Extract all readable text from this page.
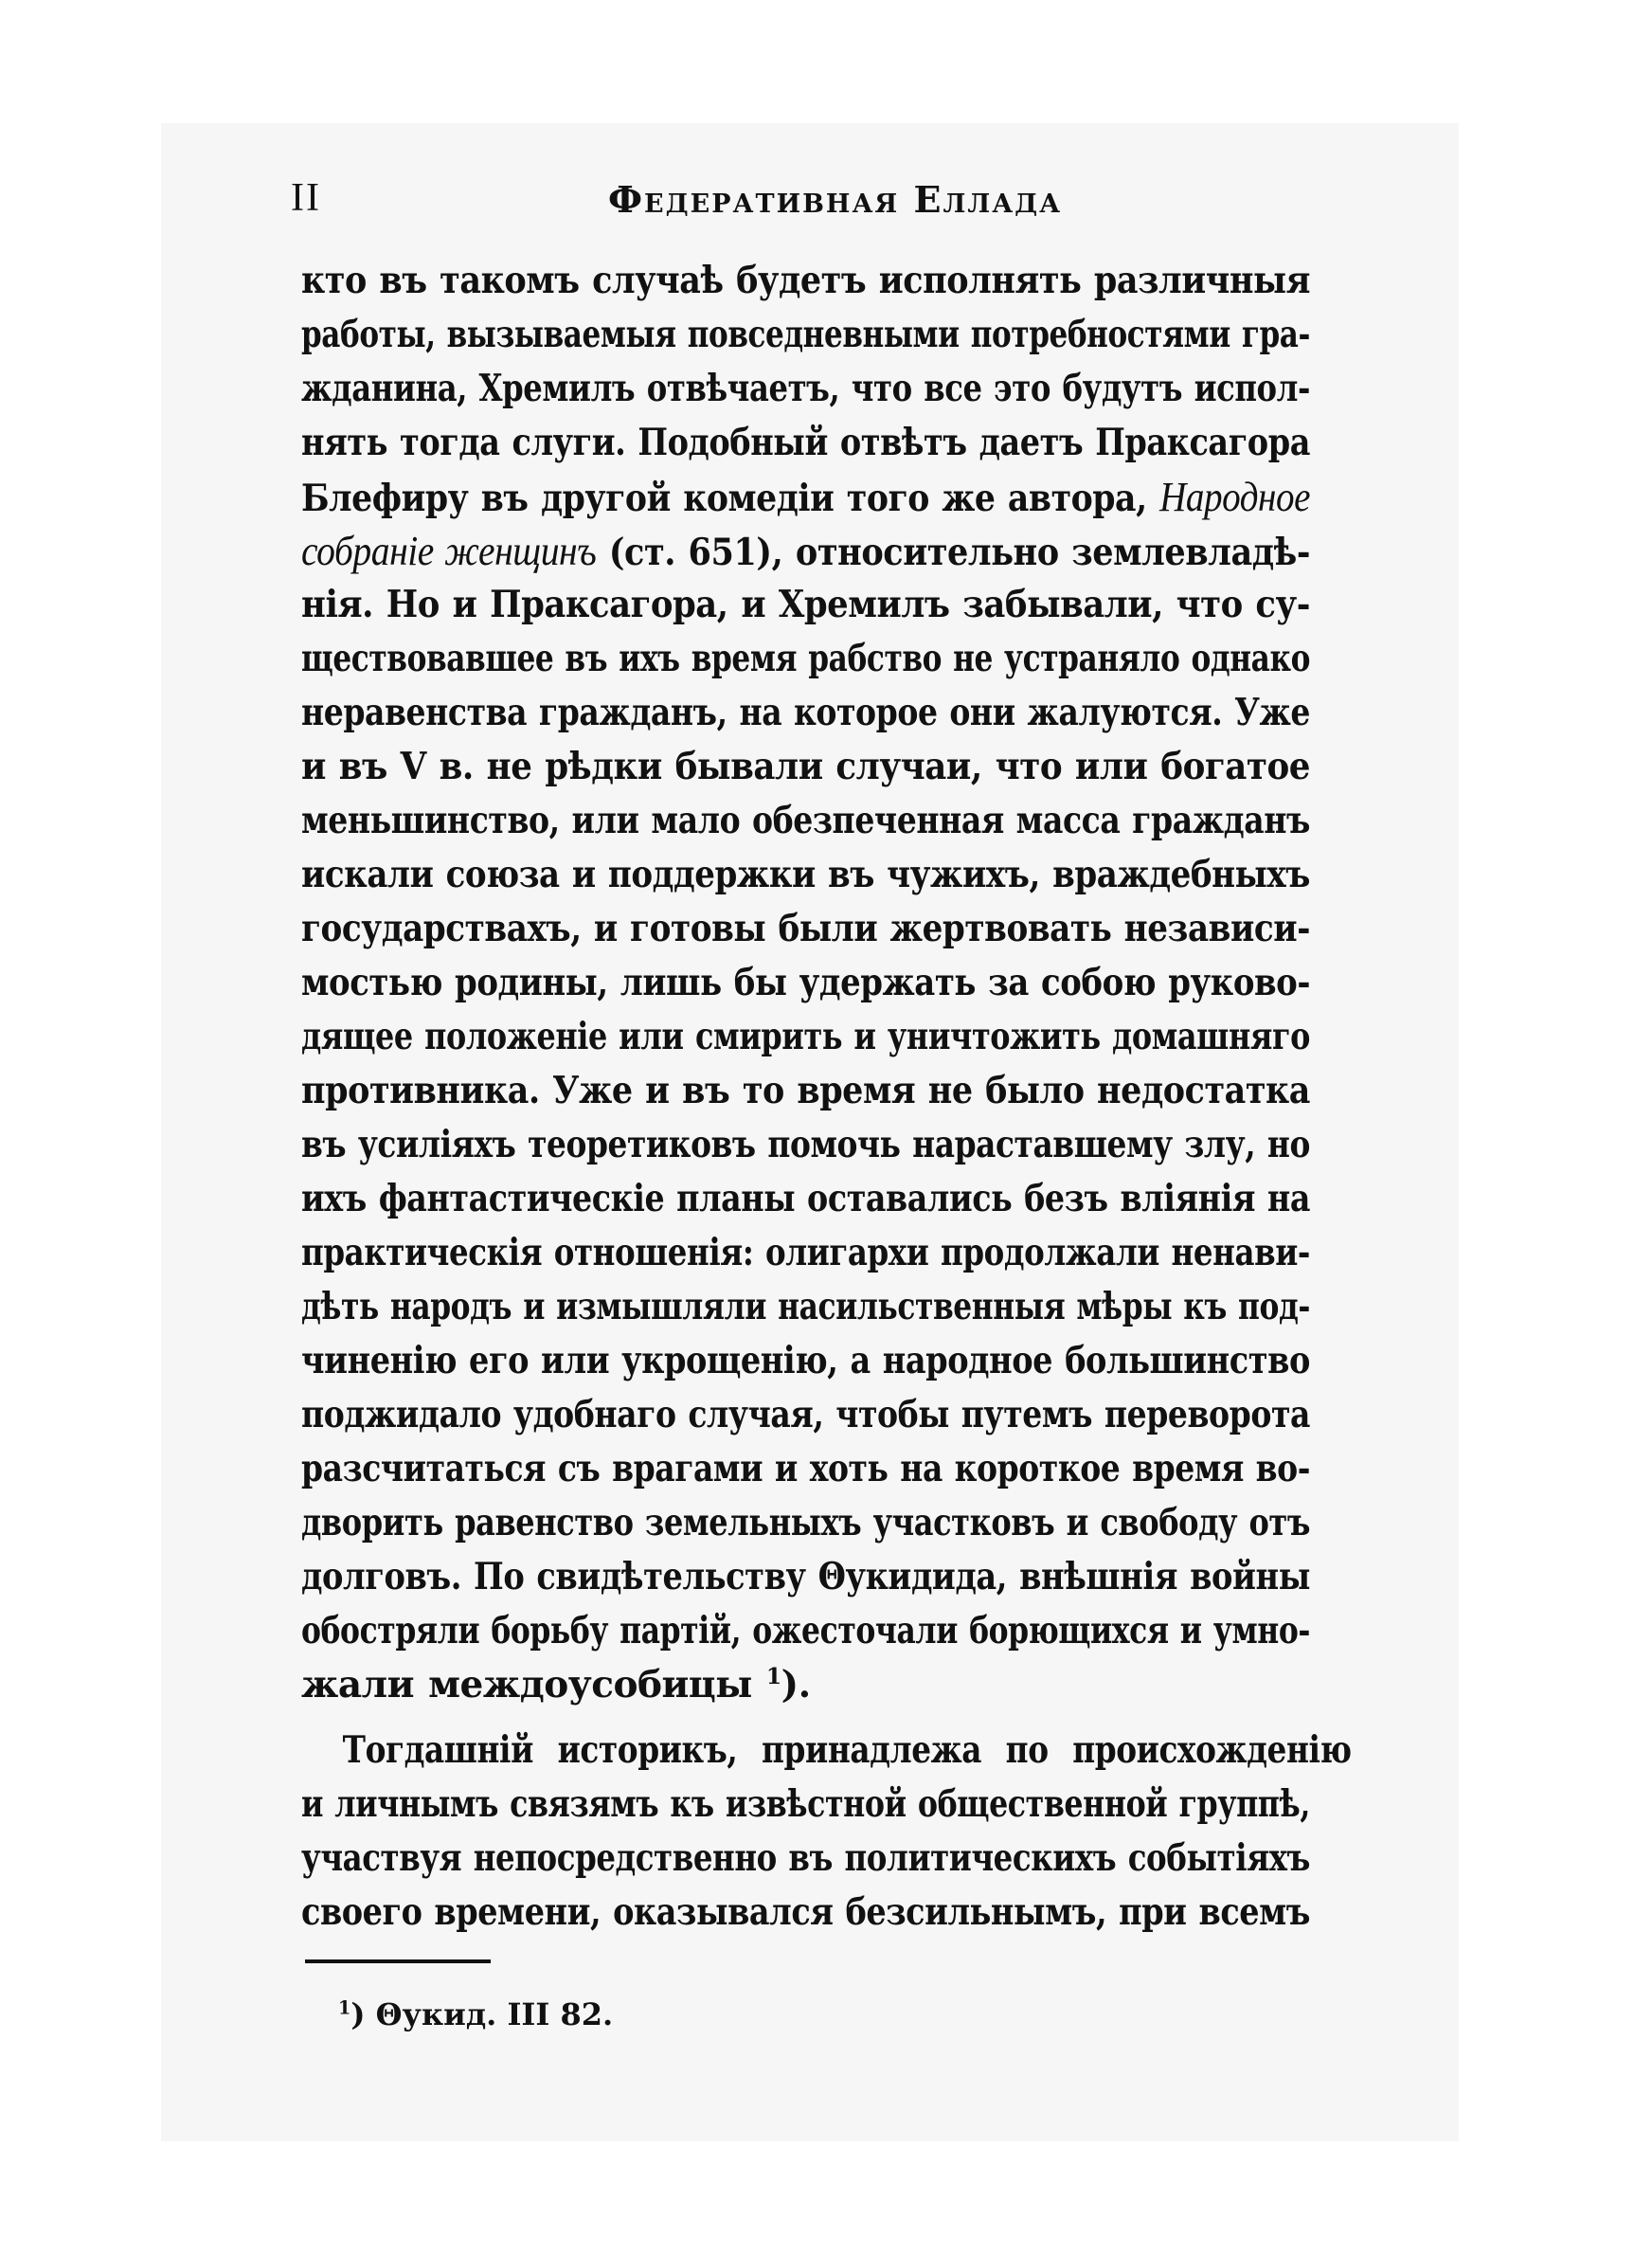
II	Федеративная Еллада
кто въ такомъ случаѣ будетъ исполнять различныя
работы, вызываемыя повседневными потребностями гра-
жданина, Хремилъ отвѣчаетъ, что все это будутъ испол-
нять тогда слуги. Подобный отвѣтъ даетъ Праксагора
Блефиру въ другой комедіи того же автора, Народное
собраніе женщинъ (ст. 651), относительно землевладѣ-
нія. Но и Праксагора, и Хремилъ забывали, что су-
ществовавшее въ ихъ время рабство не устраняло однако
неравенства гражданъ, на которое они жалуются. Уже
и въ V в. не рѣдки бывали случаи, что или богатое
меньшинство, или мало обезпеченная масса гражданъ
искали союза и поддержки въ чужихъ, враждебныхъ
государствахъ, и готовы были жертвовать независи-
мостью родины, лишь бы удержать за собою руково-
дящее положеніе или смирить и уничтожить домашняго
противника. Уже и въ то время не было недостатка
въ усиліяхъ теоретиковъ помочь нараставшему злу, но
ихъ фантастическіе планы оставались безъ вліянія на
практическія отношенія: олигархи продолжали ненави-
дѣть народъ и измышляли насильственныя мѣры къ под-
чиненію его или укрощенію, а народное большинство
поджидало удобнаго случая, чтобы путемъ переворота
разсчитаться съ врагами и хоть на короткое время во-
дворить равенство земельныхъ участковъ и свободу отъ
долговъ. По свидѣтельству Θукидида, внѣшнія войны
обостряли борьбу партій, ожесточали борющихся и умно-
жали междоусобицы $^1$).
Тогдашній историкъ, принадлежа по происхожденію
и личнымъ связямъ къ извѣстной общественной группѣ,
участвуя непосредственно въ политическихъ событіяхъ
своего времени, оказывался безсильнымъ, при всемъ
$^1$) Θукид. III 82.
